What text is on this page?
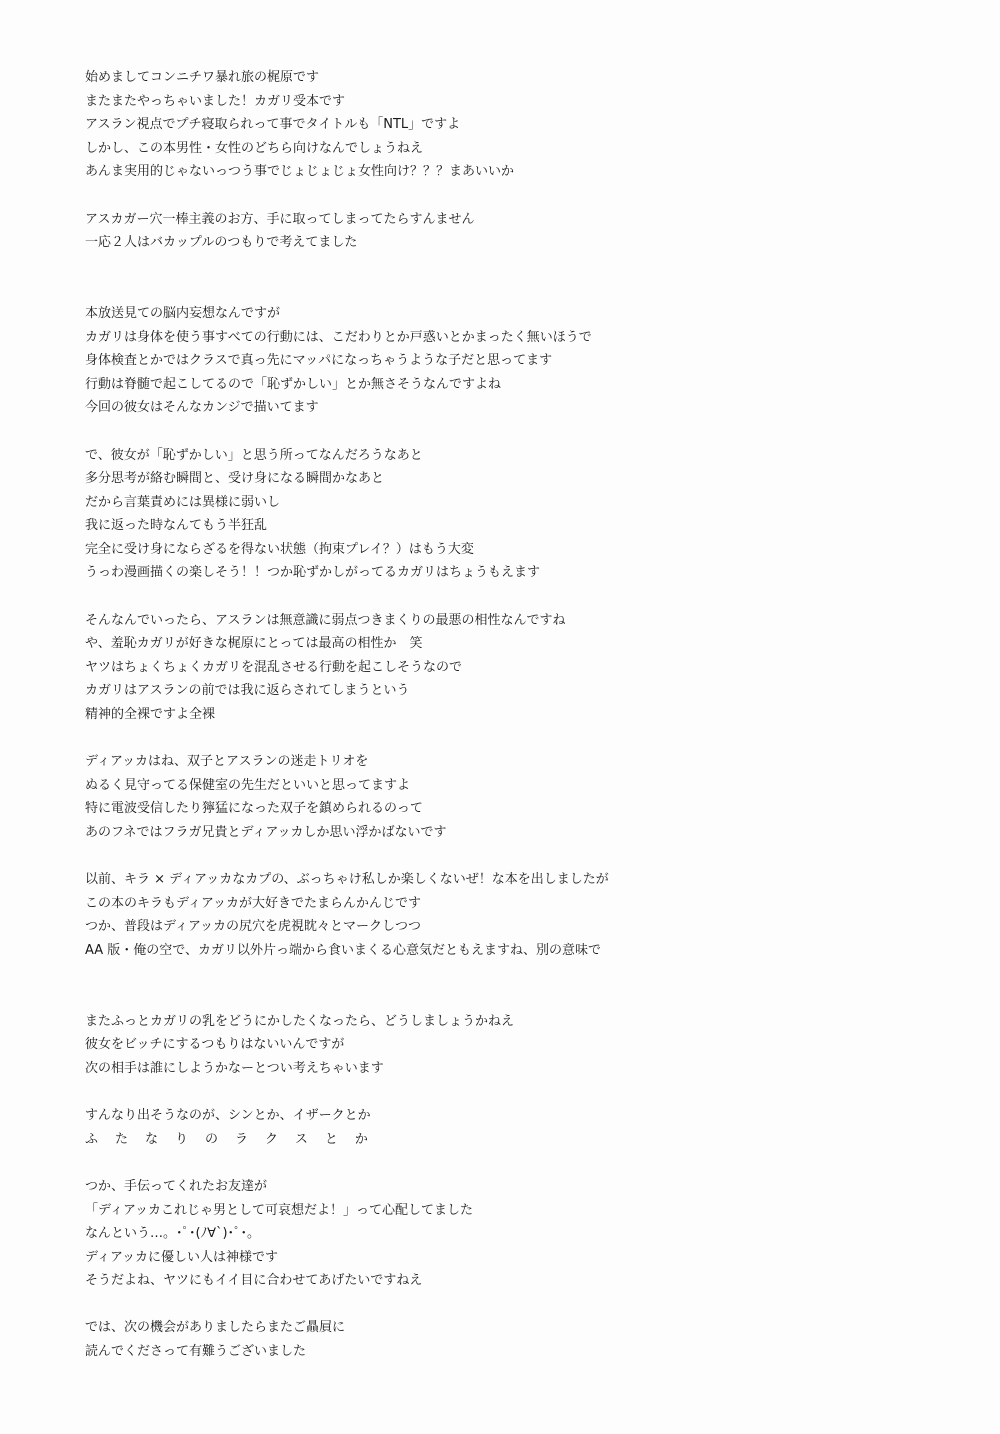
始めましてコンニチワ暴れ旅の梶原です
またまたやっちゃいました！カガリ受本です
アスラン視点でプチ寝取られって事でタイトルも「NTL」ですよ
しかし、この本男性・女性のどちら向けなんでしょうねえ
あんま実用的じゃないっつう事でじょじょじょ女性向け？？？まあいいか
アスカガー穴一棒主義のお方、手に取ってしまってたらすんません
一応２人はバカップルのつもりで考えてました
本放送見ての脳内妄想なんですが
カガリは身体を使う事すべての行動には、こだわりとか戸惑いとかまったく無いほうで
身体検査とかではクラスで真っ先にマッパになっちゃうような子だと思ってます
行動は脊髄で起こしてるので「恥ずかしい」とか無さそうなんですよね
今回の彼女はそんなカンジで描いてます
で、彼女が「恥ずかしい」と思う所ってなんだろうなあと
多分思考が絡む瞬間と、受け身になる瞬間かなあと
だから言葉責めには異様に弱いし
我に返った時なんてもう半狂乱
完全に受け身にならざるを得ない状態（拘束プレイ？）はもう大変
うっわ漫画描くの楽しそう！！つか恥ずかしがってるカガリはちょうもえます
そんなんでいったら、アスランは無意識に弱点つきまくりの最悪の相性なんですね
や、羞恥カガリが好きな梶原にとっては最高の相性か　笑
ヤツはちょくちょくカガリを混乱させる行動を起こしそうなので
カガリはアスランの前では我に返らされてしまうという
精神的全裸ですよ全裸
ディアッカはね、双子とアスランの迷走トリオを
ぬるく見守ってる保健室の先生だといいと思ってますよ
特に電波受信したり獰猛になった双子を鎮められるのって
あのフネではフラガ兄貴とディアッカしか思い浮かばないです
以前、キラ × ディアッカなカプの、ぶっちゃけ私しか楽しくないぜ！な本を出しましたが
この本のキラもディアッカが大好きでたまらんかんじです
つか、普段はディアッカの尻穴を虎視眈々とマークしつつ
AA 版・俺の空で、カガリ以外片っ端から食いまくる心意気だともえますね、別の意味で
またふっとカガリの乳をどうにかしたくなったら、どうしましょうかねえ
彼女をビッチにするつもりはないいんですが
次の相手は誰にしようかなーとつい考えちゃいます
すんなり出そうなのが、シンとか、イザークとか
ふたなりのラクスとか
つか、手伝ってくれたお友達が
「ディアッカこれじゃ男として可哀想だよ！」って心配してました
なんという…。･ﾟ･(ﾉ∀`)･ﾟ･。
ディアッカに優しい人は神様です
そうだよね、ヤツにもイイ目に合わせてあげたいですねえ
では、次の機会がありましたらまたご贔屓に
読んでくださって有難うございました
